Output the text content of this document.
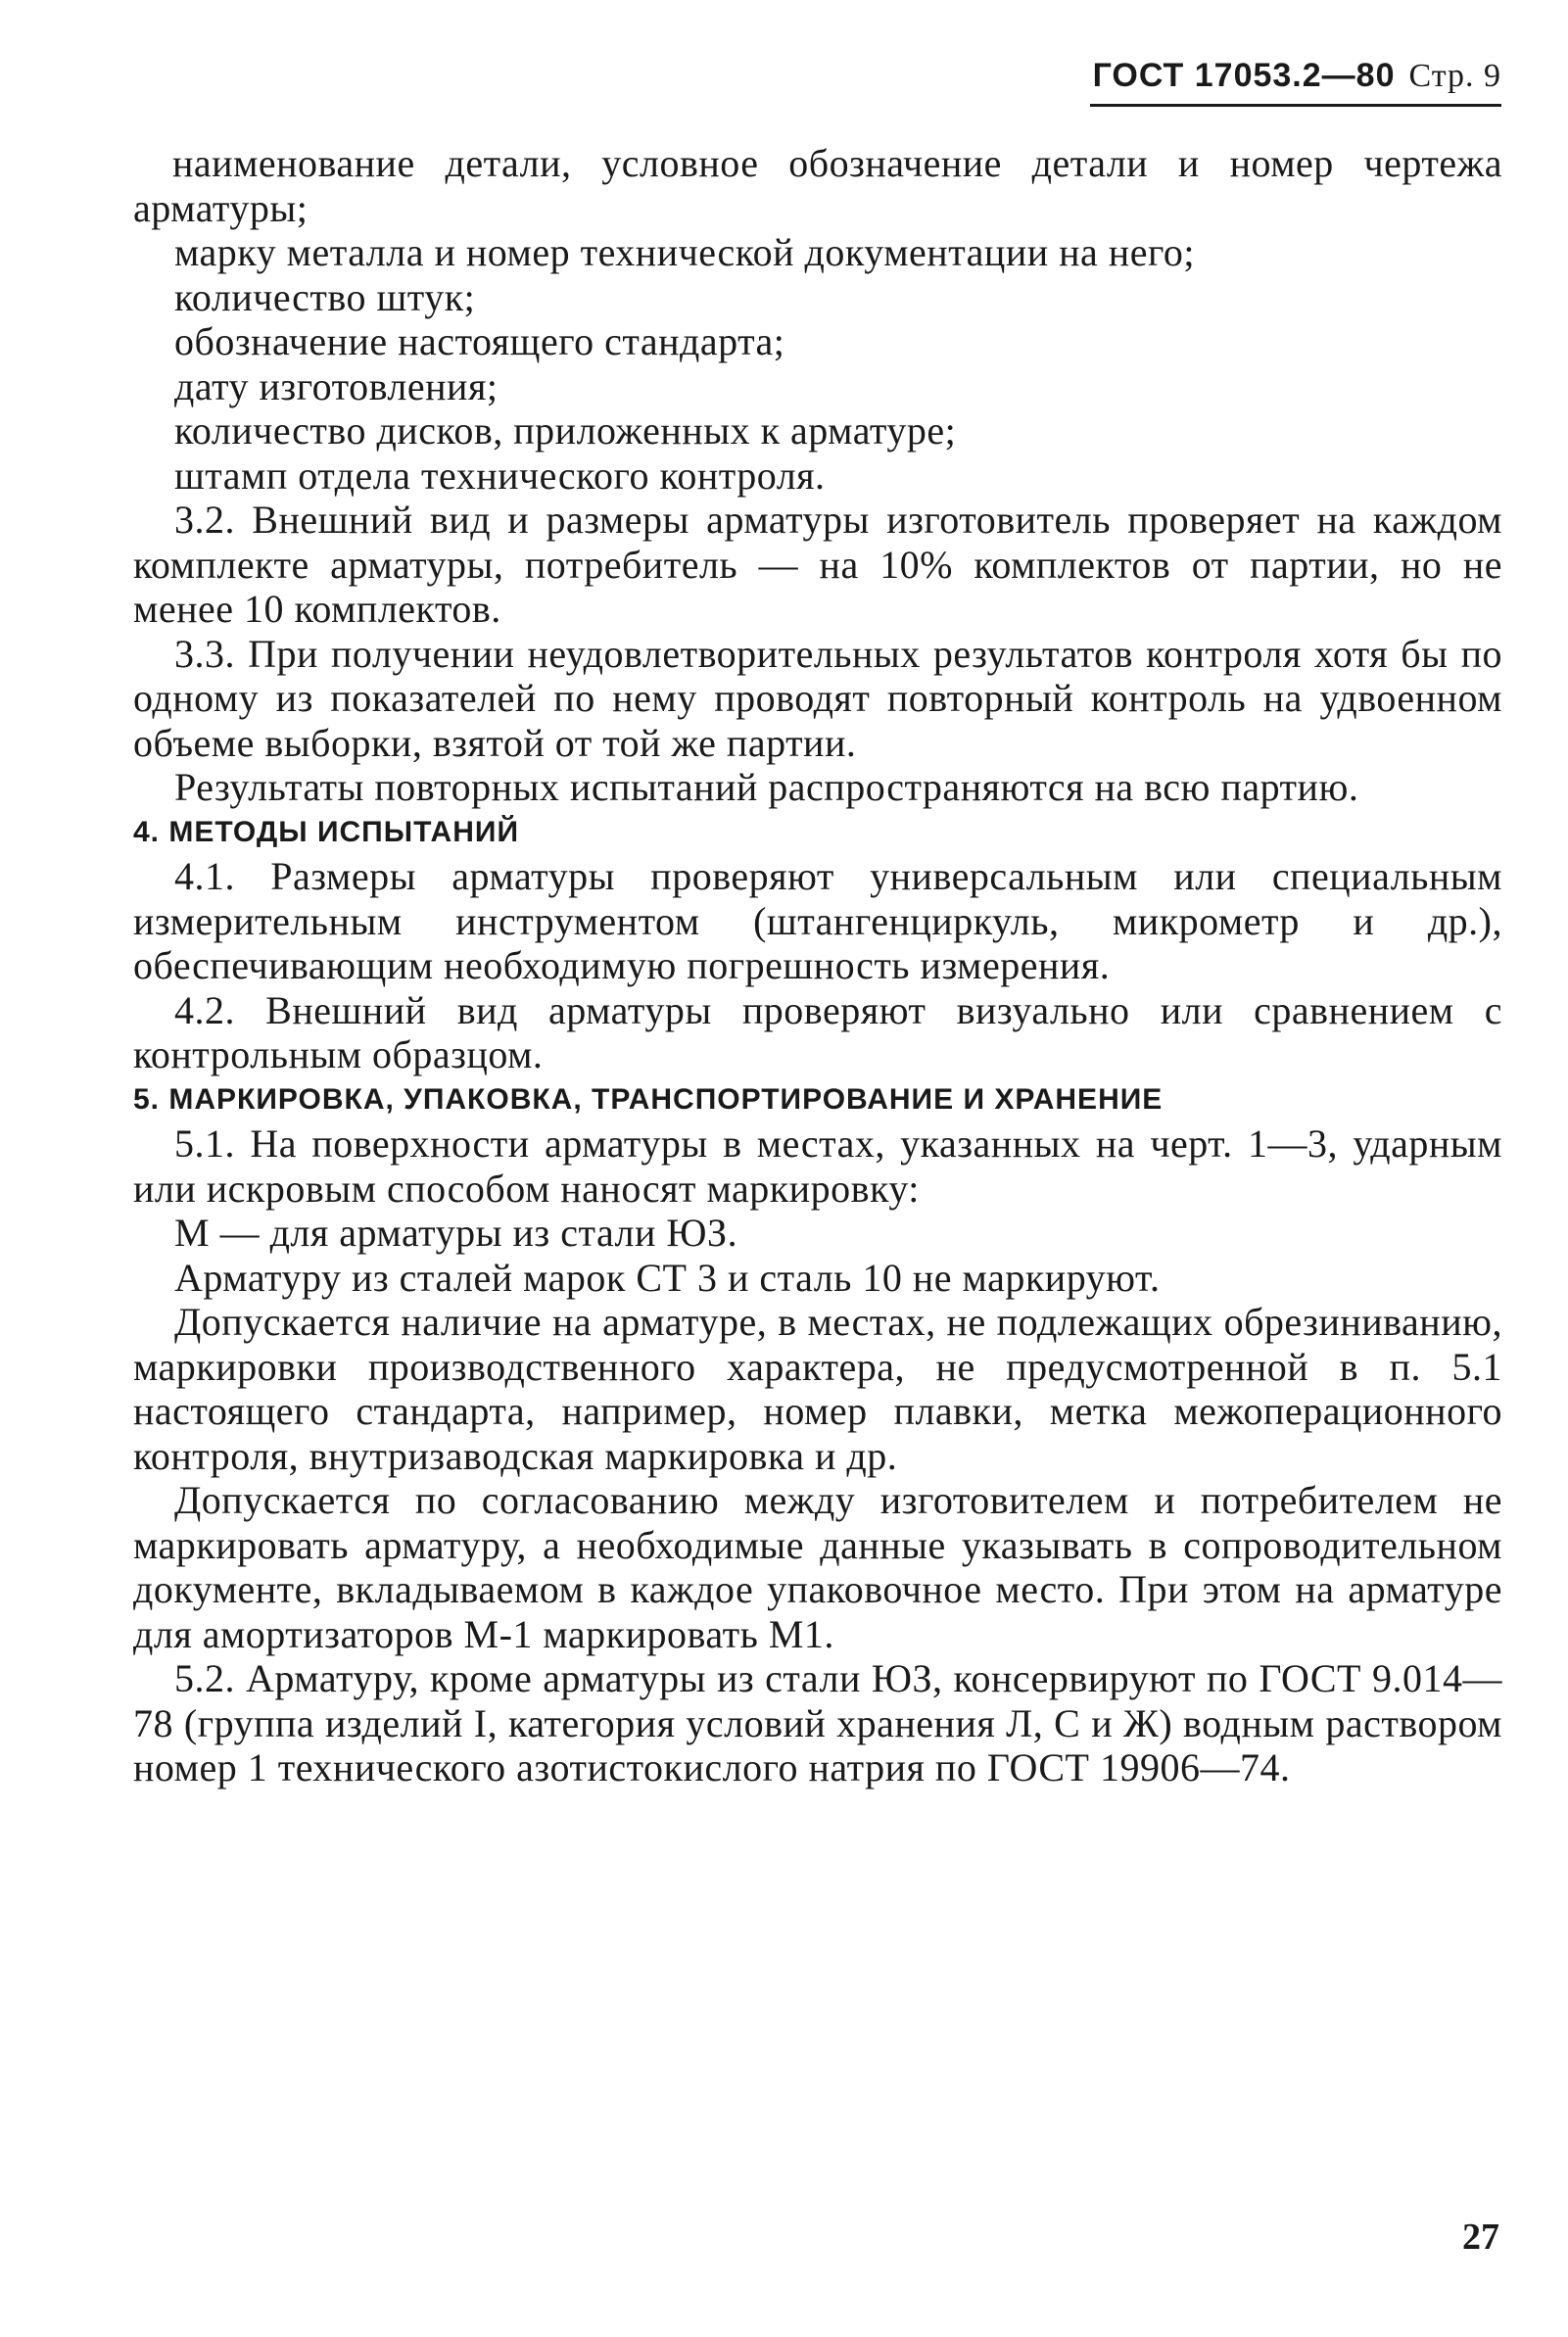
ГОСТ 17053.2—80 Стр. 9

наименование детали, условное обозначение детали и номер чертежа арматуры;

марку металла и номер технической документации на него;

количество штук;

обозначение настоящего стандарта;

дату изготовления;

количество дисков, приложенных к арматуре;

штамп отдела технического контроля.

3.2. Внешний вид и размеры арматуры изготовитель проверяет на каждом комплекте арматуры, потребитель — на 10% комплектов от партии, но не менее 10 комплектов.

3.3. При получении неудовлетворительных результатов контроля хотя бы по одному из показателей по нему проводят повторный контроль на удвоенном объеме выборки, взятой от той же партии.

Результаты повторных испытаний распространяются на всю партию.

4. МЕТОДЫ ИСПЫТАНИЙ

4.1. Размеры арматуры проверяют универсальным или специальным измерительным инструментом (штангенциркуль, микрометр и др.), обеспечивающим необходимую погрешность измерения.

4.2. Внешний вид арматуры проверяют визуально или сравнением с контрольным образцом.

5. МАРКИРОВКА, УПАКОВКА, ТРАНСПОРТИРОВАНИЕ И ХРАНЕНИЕ

5.1. На поверхности арматуры в местах, указанных на черт. 1—3, ударным или искровым способом наносят маркировку:

М — для арматуры из стали ЮЗ.

Арматуру из сталей марок СТ 3 и сталь 10 не маркируют.

Допускается наличие на арматуре, в местах, не подлежащих обрезиниванию, маркировки производственного характера, не предусмотренной в п. 5.1 настоящего стандарта, например, номер плавки, метка межоперационного контроля, внутризаводская маркировка и др.

Допускается по согласованию между изготовителем и потребителем не маркировать арматуру, а необходимые данные указывать в сопроводительном документе, вкладываемом в каждое упаковочное место. При этом на арматуре для амортизаторов М-1 маркировать М1.

5.2. Арматуру, кроме арматуры из стали ЮЗ, консервируют по ГОСТ 9.014—78 (группа изделий I, категория условий хранения Л, С и Ж) водным раствором номер 1 технического азотистокислого натрия по ГОСТ 19906—74.

27
